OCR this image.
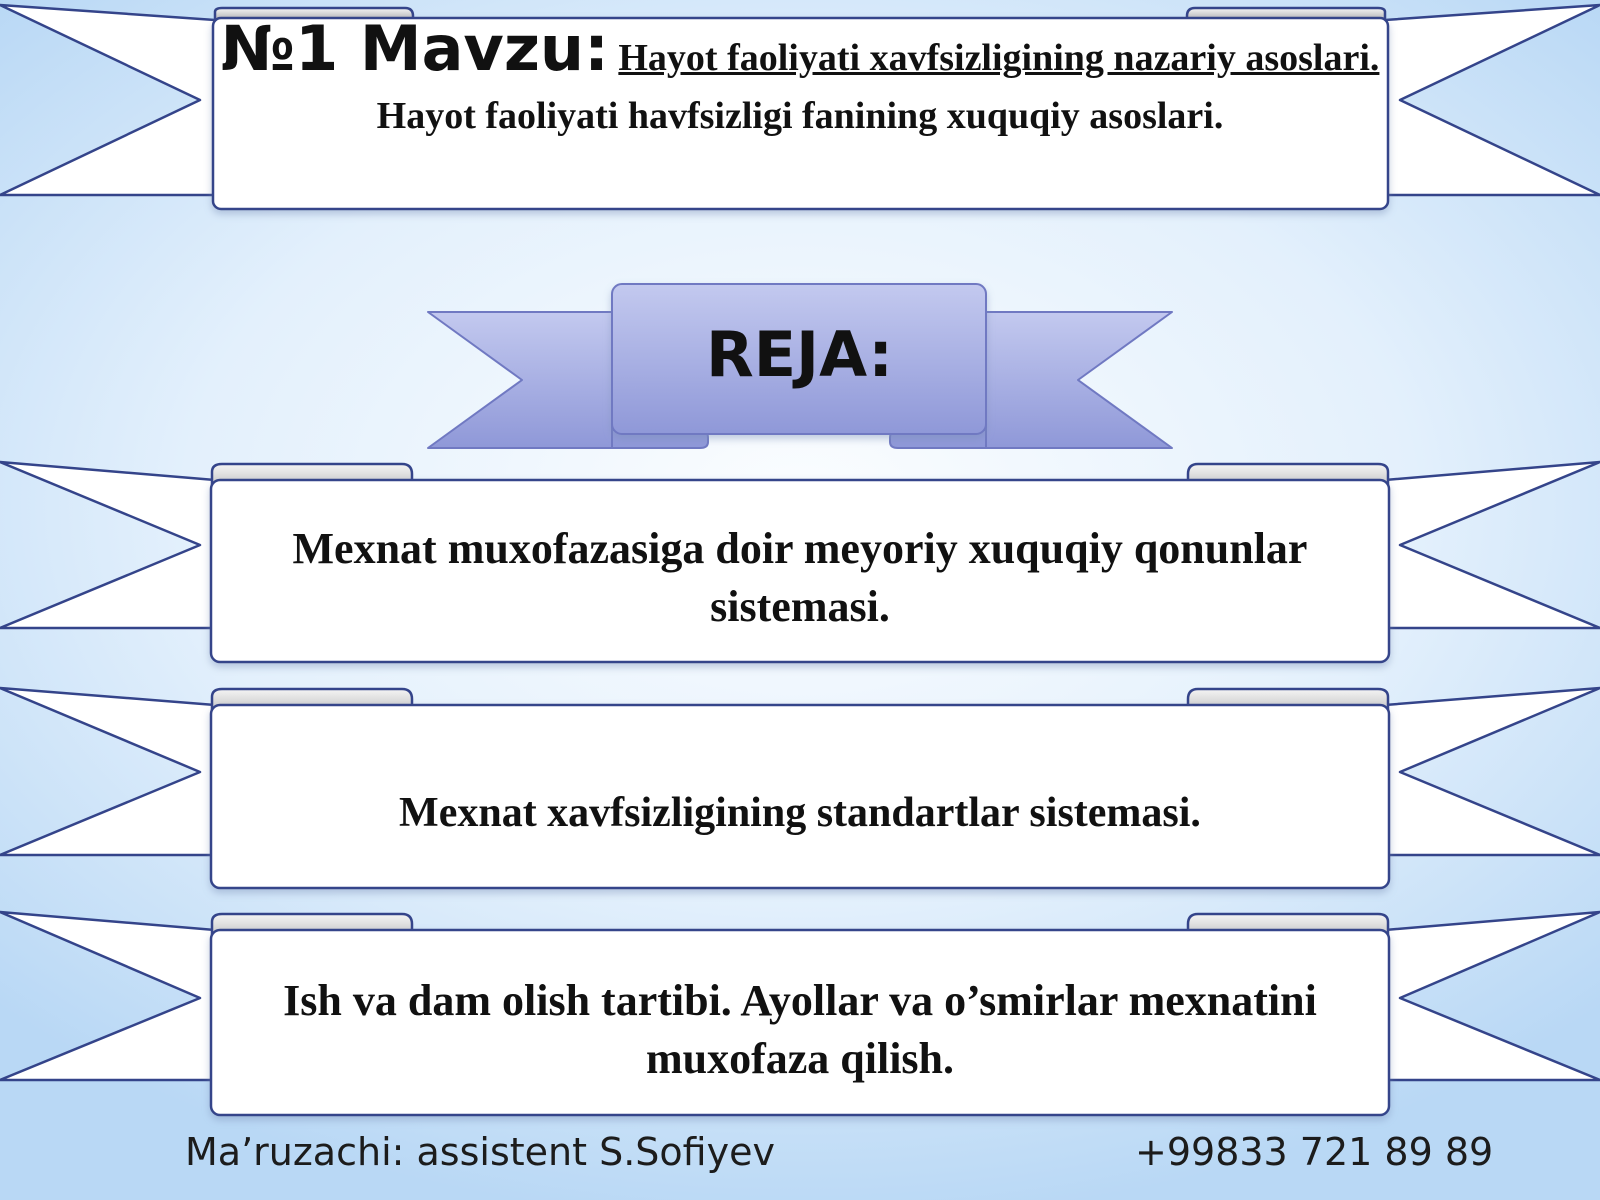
№1 Mavzu: Hayot faoliyati xavfsizligining nazariy asoslari. Hayot faoliyati havfsizligi fanining xuquqiy asoslari.
REJA:
Mexnat muxofazasiga doir meyoriy xuquqiy qonunlar sistemasi.
Mexnat xavfsizligining standartlar sistemasi.
Ish va dam olish tartibi. Ayollar va o’smirlar mexnatini muxofaza qilish.
Ma’ruzachi: assistent S.Sofiyev	+99833 721 89 89
